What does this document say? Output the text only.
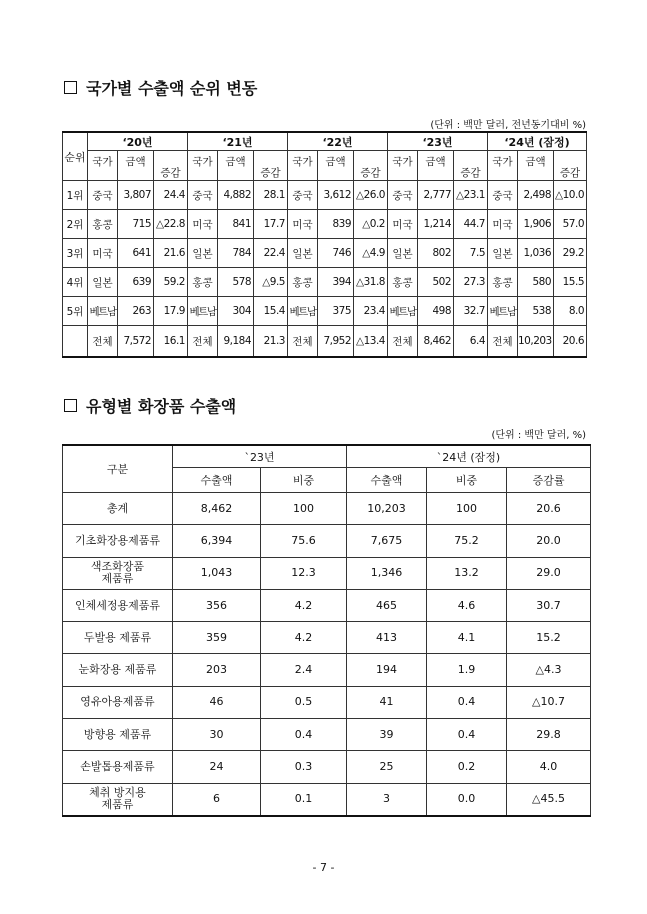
국가별 수출액 순위 변동
(단위 : 백만 달러, 전년동기대비 %)
순위	‘20년			‘21년			‘22년			‘23년			‘24년 (잠정)		
	국가	금액	증감	국가	금액	증감	국가	금액	증감	국가	금액	증감	국가	금액	증감
1위	중국	3,807	24.4	중국	4,882	28.1	중국	3,612	△26.0	중국	2,777	△23.1	중국	2,498	△10.0
2위	홍콩	715	△22.8	미국	841	17.7	미국	839	△0.2	미국	1,214	44.7	미국	1,906	57.0
3위	미국	641	21.6	일본	784	22.4	일본	746	△4.9	일본	802	7.5	일본	1,036	29.2
4위	일본	639	59.2	홍콩	578	△9.5	홍콩	394	△31.8	홍콩	502	27.3	홍콩	580	15.5
5위	베트남	263	17.9	베트남	304	15.4	베트남	375	23.4	베트남	498	32.7	베트남	538	8.0
	전체	7,572	16.1	전체	9,184	21.3	전체	7,952	△13.4	전체	8,462	6.4	전체	10,203	20.6
유형별 화장품 수출액
(단위 : 백만 달러, %)
구분	`23년		`24년 (잠정)		
	수출액	비중	수출액	비중	증감률
총계	8,462	100	10,203	100	20.6
기초화장용제품류	6,394	75.6	7,675	75.2	20.0
색조화장품
제품류	1,043	12.3	1,346	13.2	29.0
인체세정용제품류	356	4.2	465	4.6	30.7
두발용 제품류	359	4.2	413	4.1	15.2
눈화장용 제품류	203	2.4	194	1.9	△4.3
영유아용제품류	46	0.5	41	0.4	△10.7
방향용 제품류	30	0.4	39	0.4	29.8
손발톱용제품류	24	0.3	25	0.2	4.0
체취 방지용
제품류	6	0.1	3	0.0	△45.5
- 7 -
